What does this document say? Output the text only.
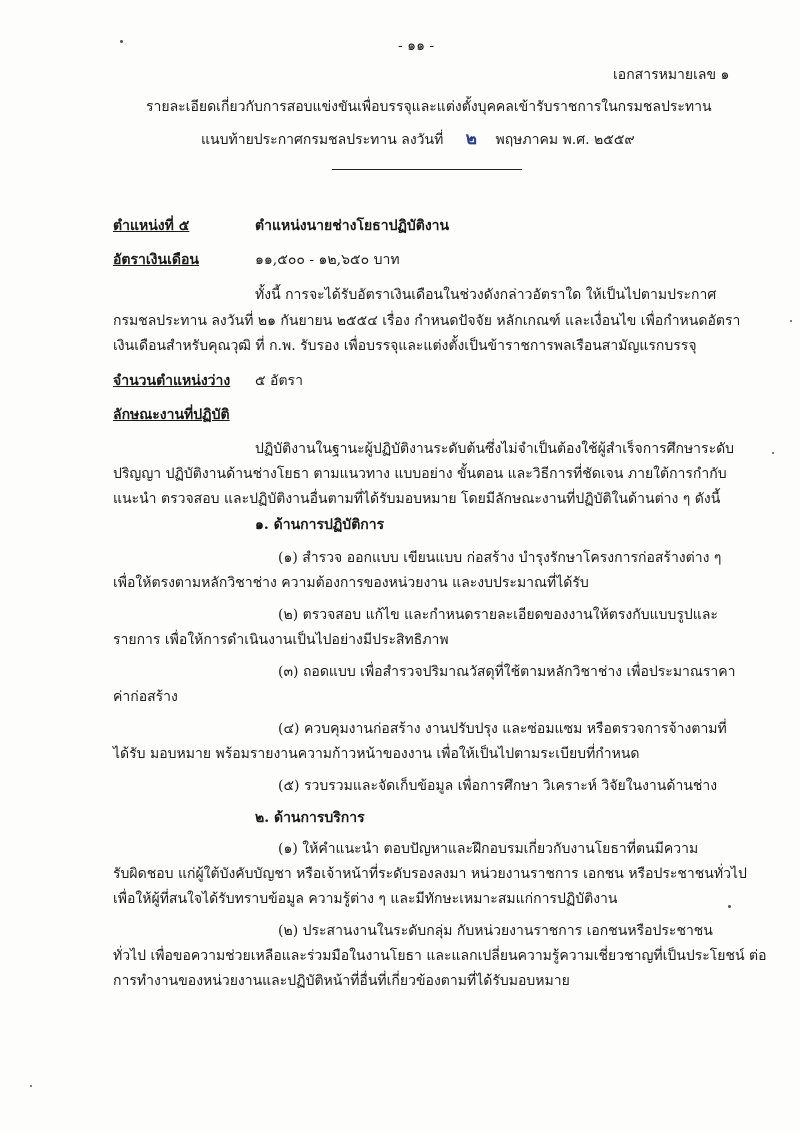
- ๑๑ -
เอกสารหมายเลข ๑
รายละเอียดเกี่ยวกับการสอบแข่งขันเพื่อบรรจุและแต่งตั้งบุคคลเข้ารับราชการในกรมชลประทาน
แนบท้ายประกาศกรมชลประทาน ลงวันที่ ๒ พฤษภาคม พ.ศ. ๒๕๕๙
ตำแหน่งที่ ๕	ตำแหน่งนายช่างโยธาปฏิบัติงาน
อัตราเงินเดือน	๑๑,๕๐๐ - ๑๒,๖๕๐ บาท
ทั้งนี้ การจะได้รับอัตราเงินเดือนในช่วงดังกล่าวอัตราใด ให้เป็นไปตามประกาศ
กรมชลประทาน ลงวันที่ ๒๑ กันยายน ๒๕๕๔ เรื่อง กำหนดปัจจัย หลักเกณฑ์ และเงื่อนไข เพื่อกำหนดอัตรา
เงินเดือนสำหรับคุณวุฒิ ที่ ก.พ. รับรอง เพื่อบรรจุและแต่งตั้งเป็นข้าราชการพลเรือนสามัญแรกบรรจุ
จำนวนตำแหน่งว่าง ๕ อัตรา
ลักษณะงานที่ปฏิบัติ
ปฏิบัติงานในฐานะผู้ปฏิบัติงานระดับต้นซึ่งไม่จำเป็นต้องใช้ผู้สำเร็จการศึกษาระดับ
ปริญญา ปฏิบัติงานด้านช่างโยธา ตามแนวทาง แบบอย่าง ขั้นตอน และวิธีการที่ชัดเจน ภายใต้การกำกับ
แนะนำ ตรวจสอบ และปฏิบัติงานอื่นตามที่ได้รับมอบหมาย โดยมีลักษณะงานที่ปฏิบัติในด้านต่าง ๆ ดังนี้
๑. ด้านการปฏิบัติการ
(๑) สำรวจ ออกแบบ เขียนแบบ ก่อสร้าง บำรุงรักษาโครงการก่อสร้างต่าง ๆ
เพื่อให้ตรงตามหลักวิชาช่าง ความต้องการของหน่วยงาน และงบประมาณที่ได้รับ
(๒) ตรวจสอบ แก้ไข และกำหนดรายละเอียดของงานให้ตรงกับแบบรูปและ
รายการ เพื่อให้การดำเนินงานเป็นไปอย่างมีประสิทธิภาพ
(๓) ถอดแบบ เพื่อสำรวจปริมาณวัสดุที่ใช้ตามหลักวิชาช่าง เพื่อประมาณราคา
ค่าก่อสร้าง
(๔) ควบคุมงานก่อสร้าง งานปรับปรุง และซ่อมแซม หรือตรวจการจ้างตามที่
ได้รับ มอบหมาย พร้อมรายงานความก้าวหน้าของงาน เพื่อให้เป็นไปตามระเบียบที่กำหนด
(๕) รวบรวมและจัดเก็บข้อมูล เพื่อการศึกษา วิเคราะห์ วิจัยในงานด้านช่าง
๒. ด้านการบริการ
(๑) ให้คำแนะนำ ตอบปัญหาและฝึกอบรมเกี่ยวกับงานโยธาที่ตนมีความ
รับผิดชอบ แก่ผู้ใต้บังคับบัญชา หรือเจ้าหน้าที่ระดับรองลงมา หน่วยงานราชการ เอกชน หรือประชาชนทั่วไป
เพื่อให้ผู้ที่สนใจได้รับทราบข้อมูล ความรู้ต่าง ๆ และมีทักษะเหมาะสมแก่การปฏิบัติงาน
(๒) ประสานงานในระดับกลุ่ม กับหน่วยงานราชการ เอกชนหรือประชาชน
ทั่วไป เพื่อขอความช่วยเหลือและร่วมมือในงานโยธา และแลกเปลี่ยนความรู้ความเชี่ยวชาญที่เป็นประโยชน์ ต่อ
การทำงานของหน่วยงานและปฏิบัติหน้าที่อื่นที่เกี่ยวข้องตามที่ได้รับมอบหมาย
